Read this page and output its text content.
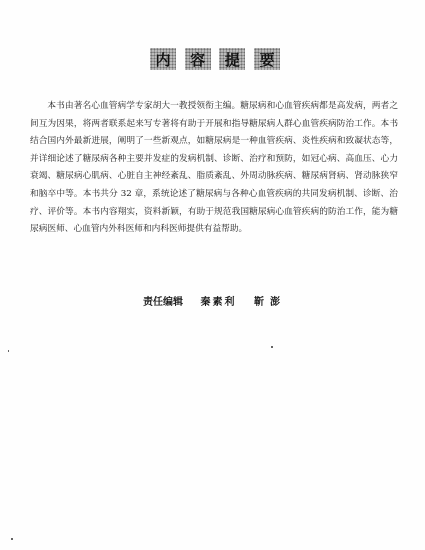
内	容	提	要

本书由著名心血管病学专家胡大一教授领衔主编。糖尿病和心血管疾病都是高发病，两者之间互为因果，将两者联系起来写专著将有助于开展和指导糖尿病人群心血管疾病防治工作。本书结合国内外最新进展，阐明了一些新观点，如糖尿病是一种血管疾病、炎性疾病和致凝状态等，并详细论述了糖尿病各种主要并发症的发病机制、诊断、治疗和预防，如冠心病、高血压、心力衰竭、糖尿病心肌病、心脏自主神经紊乱、脂质紊乱、外周动脉疾病、糖尿病肾病、肾动脉狭窄和脑卒中等。本书共分 32 章，系统论述了糖尿病与各种心血管疾病的共同发病机制、诊断、治疗、评价等。本书内容翔实，资料新颖，有助于规范我国糖尿病心血管疾病的防治工作，能为糖尿病医师、心血管内外科医师和内科医师提供有益帮助。

责任编辑 秦素利 靳澎
